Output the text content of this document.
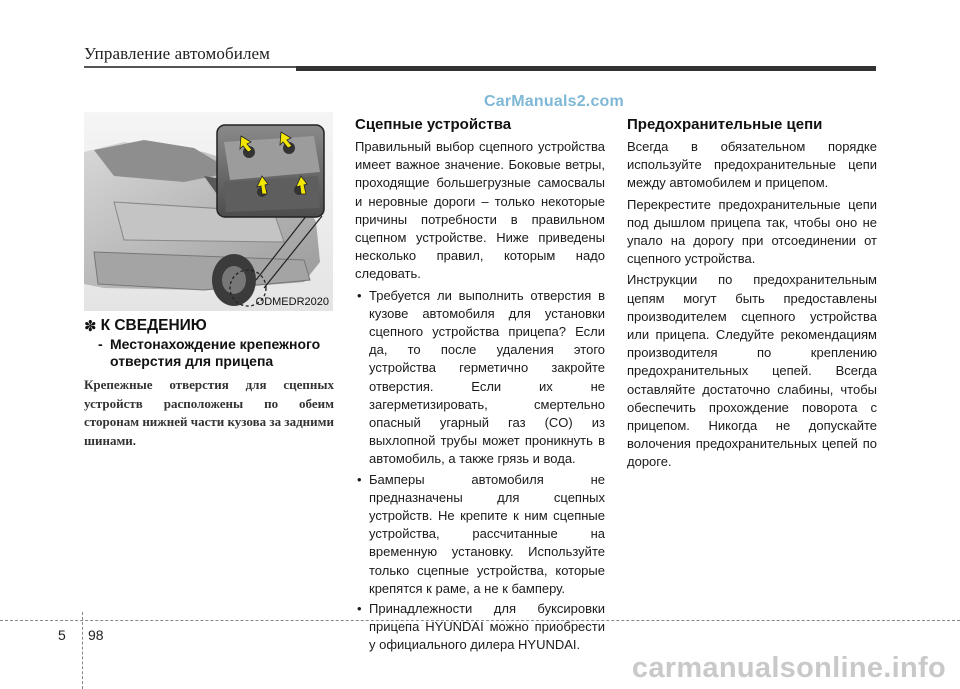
Управление автомобилем
CarManuals2.com
ODMEDR2020
✽ К СВЕДЕНИЮ
- Местонахождение крепежного отверстия для прицепа
Крепежные отверстия для сцепных устройств расположены по обеим сторонам нижней части кузова за задними шинами.
Сцепные устройства
Правильный выбор сцепного устройства имеет важное значение. Боковые ветры, проходящие большегрузные самосвалы и неровные дороги – только некоторые причины потребности в правильном сцепном устройстве. Ниже приведены несколько правил, которым надо следовать.
• Требуется ли выполнить отверстия в кузове автомобиля для установки сцепного устройства прицепа? Если да, то после удаления этого устройства герметично закройте отверстия. Если их не загерметизировать, смертельно опасный угарный газ (CO) из выхлопной трубы может проникнуть в автомобиль, а также грязь и вода.
• Бамперы автомобиля не предназначены для сцепных устройств. Не крепите к ним сцепные устройства, рассчитанные на временную установку. Используйте только сцепные устройства, которые крепятся к раме, а не к бамперу.
• Принадлежности для буксировки прицепа HYUNDAI можно приобрести у официального дилера HYUNDAI.
Предохранительные цепи
Всегда в обязательном порядке используйте предохранительные цепи между автомобилем и прицепом.
Перекрестите предохранительные цепи под дышлом прицепа так, чтобы оно не упало на дорогу при отсоединении от сцепного устройства.
Инструкции по предохранительным цепям могут быть предоставлены производителем сцепного устройства или прицепа. Следуйте рекомендациям производителя по креплению предохранительных цепей. Всегда оставляйте достаточно слабины, чтобы обеспечить прохождение поворота с прицепом. Никогда не допускайте волочения предохранительных цепей по дороге.
5 98
carmanualsonline.info
